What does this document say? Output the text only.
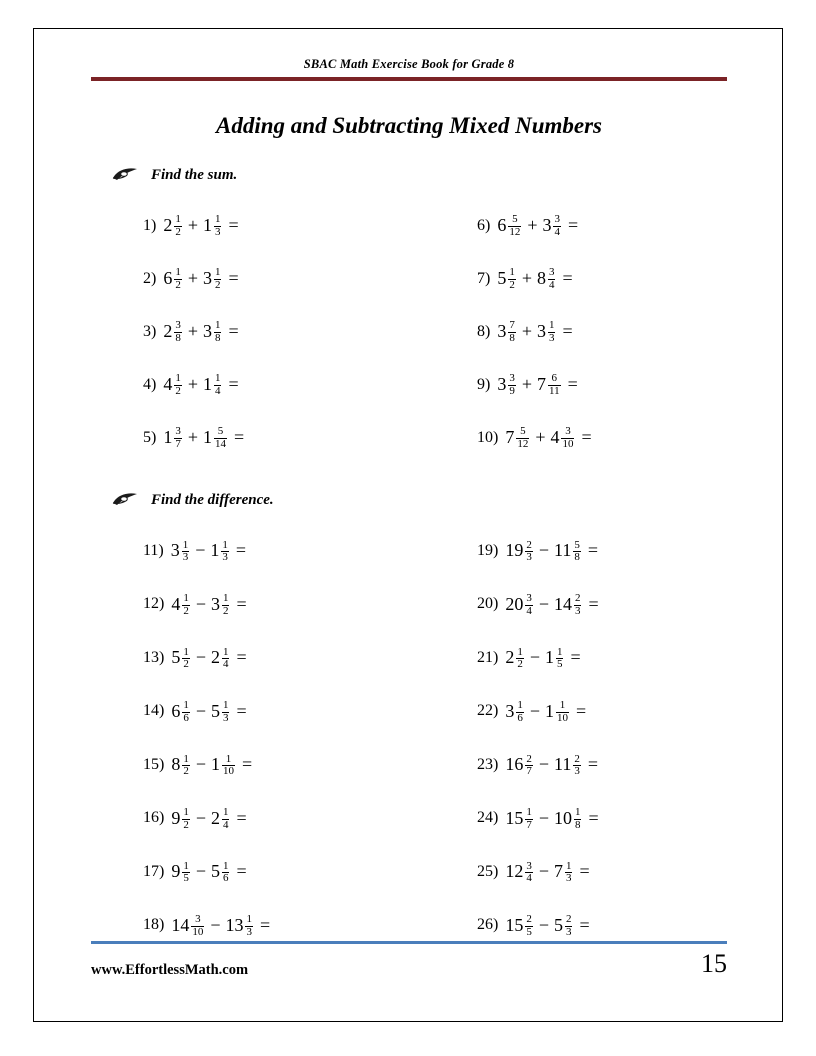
SBAC Math Exercise Book for Grade 8
Adding and Subtracting Mixed Numbers
Find the sum.
1) $2 \frac{1}{2} + 1 \frac{1}{3}$ =
2) $6 \frac{1}{2} + 3 \frac{1}{2}$ =
3) $2 \frac{3}{8} + 3 \frac{1}{8}$ =
4) $4 \frac{1}{2} + 1 \frac{1}{4}$ =
5) $1 \frac{3}{7} + 1 \frac{5}{14}$ =
6) $6 \frac{5}{12} + 3 \frac{3}{4}$ =
7) $5 \frac{1}{2} + 8 \frac{3}{4}$ =
8) $3 \frac{7}{8} + 3 \frac{1}{3}$ =
9) $3 \frac{3}{9} + 7 \frac{6}{11}$ =
10) $7 \frac{5}{12} + 4 \frac{3}{10}$ =
Find the difference.
11) $3 \frac{1}{3} - 1 \frac{1}{3}$ =
12) $4 \frac{1}{2} - 3 \frac{1}{2}$ =
13) $5 \frac{1}{2} - 2 \frac{1}{4}$ =
14) $6 \frac{1}{6} - 5 \frac{1}{3}$ =
15) $8 \frac{1}{2} - 1 \frac{1}{10}$ =
16) $9 \frac{1}{2} - 2 \frac{1}{4}$ =
17) $9 \frac{1}{5} - 5 \frac{1}{6}$ =
18) $14 \frac{3}{10} - 13 \frac{1}{3}$ =
19) $19 \frac{2}{3} - 11 \frac{5}{8}$ =
20) $20 \frac{3}{4} - 14 \frac{2}{3}$ =
21) $2 \frac{1}{2} - 1 \frac{1}{5}$ =
22) $3 \frac{1}{6} - 1 \frac{1}{10}$ =
23) $16 \frac{2}{7} - 11 \frac{2}{3}$ =
24) $15 \frac{1}{7} - 10 \frac{1}{8}$ =
25) $12 \frac{3}{4} - 7 \frac{1}{3}$ =
26) $15 \frac{2}{5} - 5 \frac{2}{3}$ =
www.EffortlessMath.com	15
